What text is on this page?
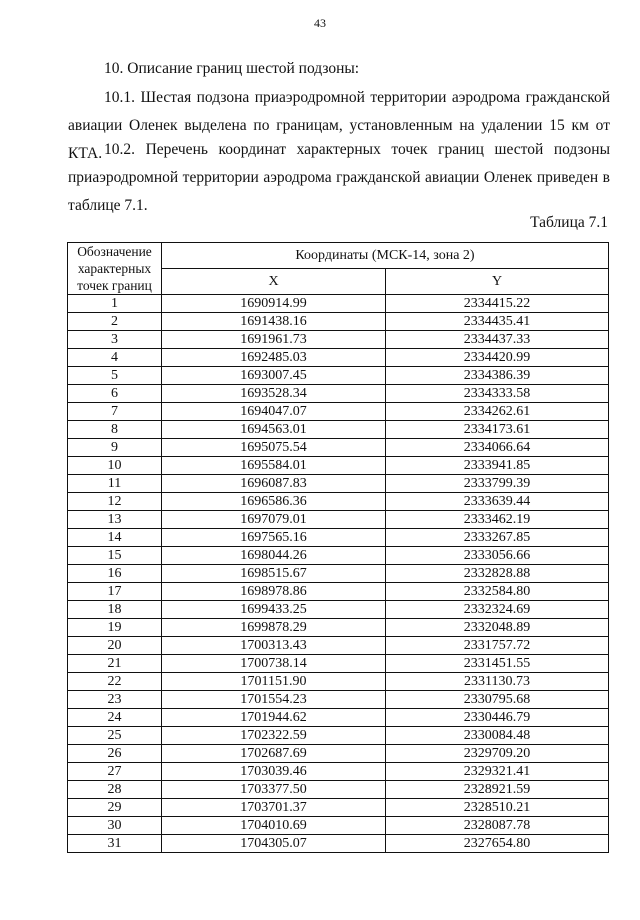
43
10. Описание границ шестой подзоны:
10.1. Шестая подзона приаэродромной территории аэродрома гражданской авиации Оленек выделена по границам, установленным на удалении 15 км от КТА. 10.2. Перечень координат характерных точек границ шестой подзоны приаэродромной территории аэродрома гражданской авиации Оленек приведен в таблице 7.1.
Таблица 7.1
Обозначение характерных точек границ	Координаты (МСК-14, зона 2)	
	X	Y
1	1690914.99	2334415.22
2	1691438.16	2334435.41
3	1691961.73	2334437.33
4	1692485.03	2334420.99
5	1693007.45	2334386.39
6	1693528.34	2334333.58
7	1694047.07	2334262.61
8	1694563.01	2334173.61
9	1695075.54	2334066.64
10	1695584.01	2333941.85
11	1696087.83	2333799.39
12	1696586.36	2333639.44
13	1697079.01	2333462.19
14	1697565.16	2333267.85
15	1698044.26	2333056.66
16	1698515.67	2332828.88
17	1698978.86	2332584.80
18	1699433.25	2332324.69
19	1699878.29	2332048.89
20	1700313.43	2331757.72
21	1700738.14	2331451.55
22	1701151.90	2331130.73
23	1701554.23	2330795.68
24	1701944.62	2330446.79
25	1702322.59	2330084.48
26	1702687.69	2329709.20
27	1703039.46	2329321.41
28	1703377.50	2328921.59
29	1703701.37	2328510.21
30	1704010.69	2328087.78
31	1704305.07	2327654.80
